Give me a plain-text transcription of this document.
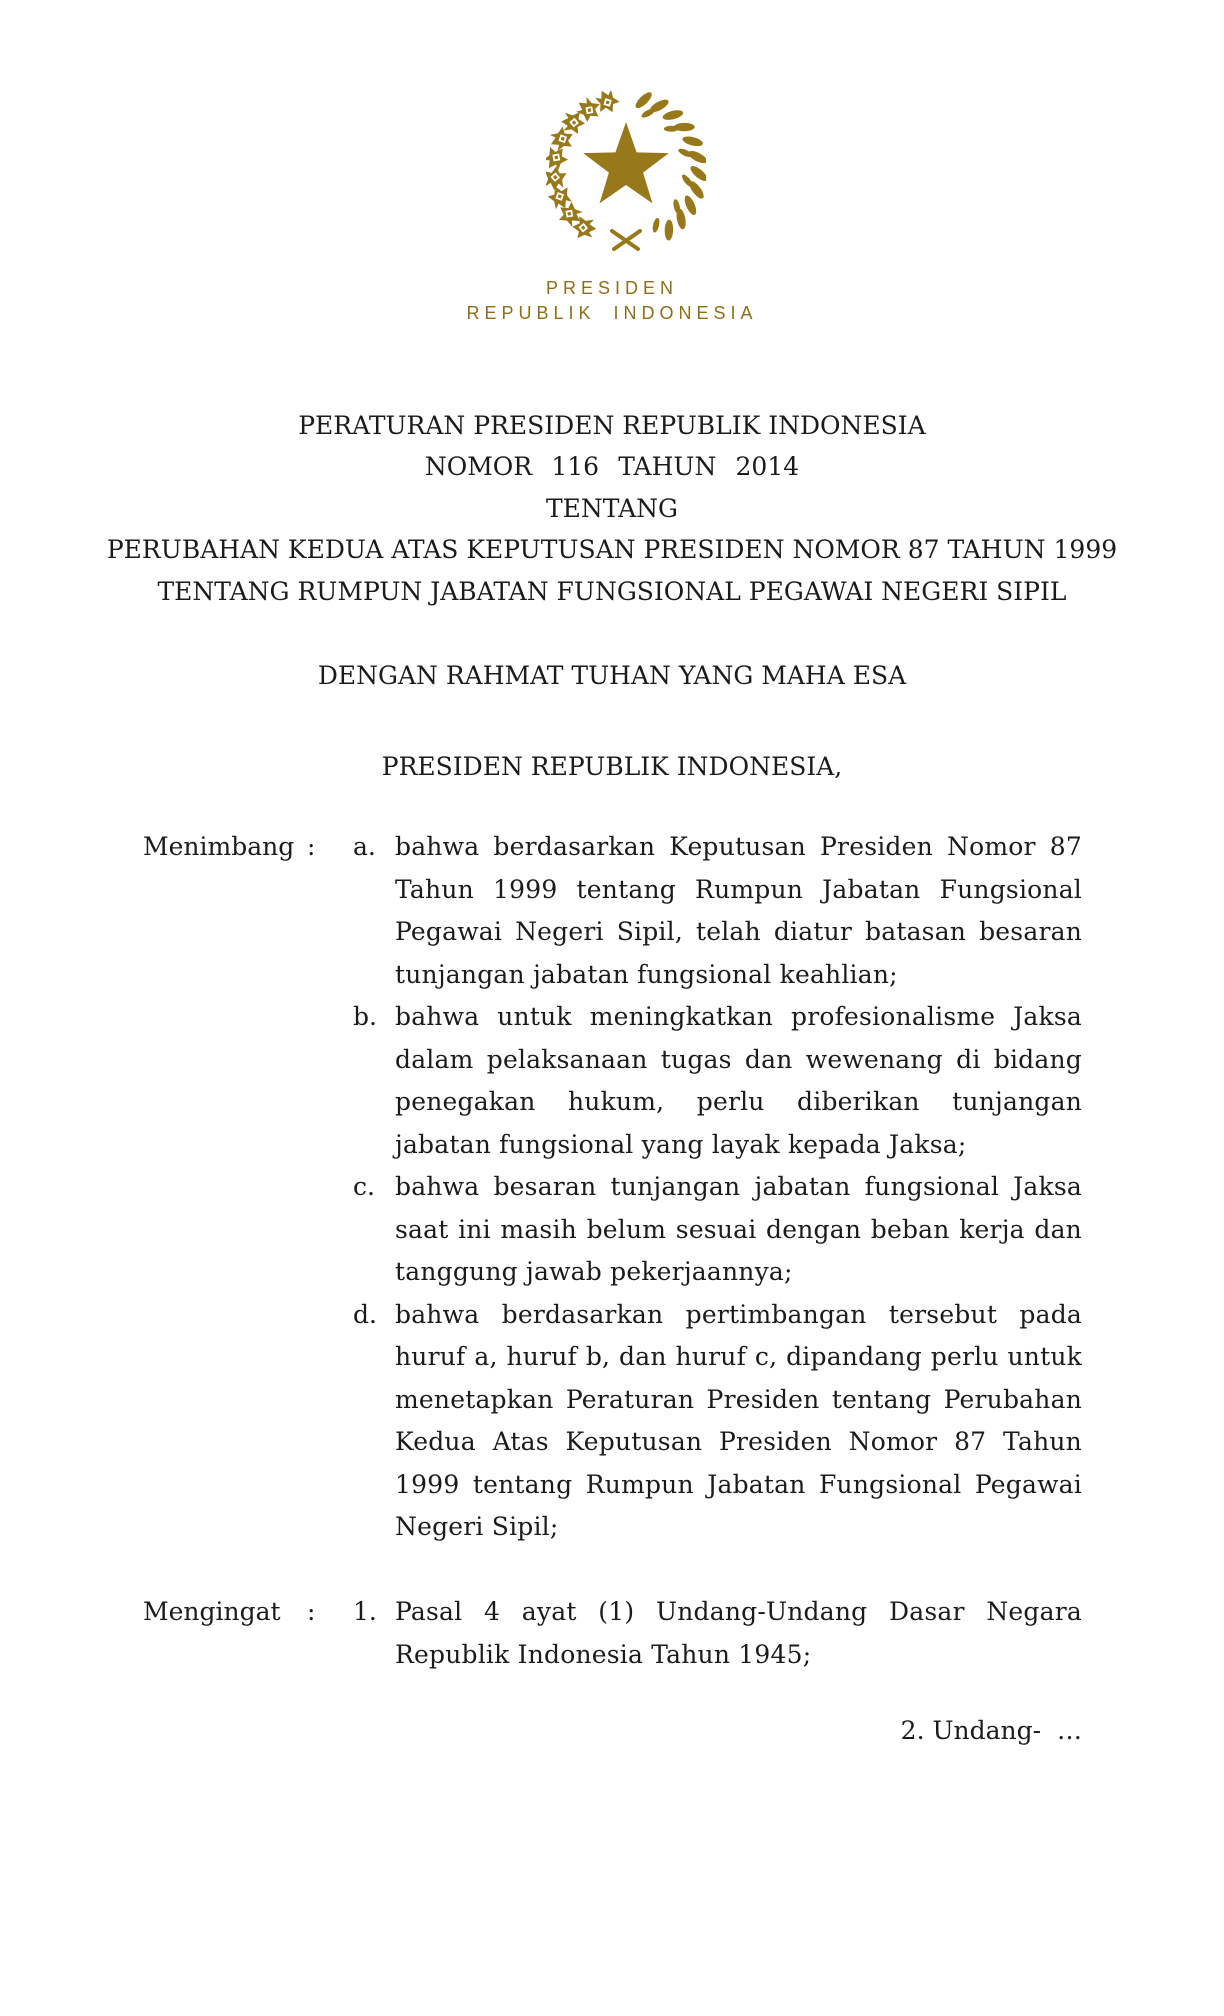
PRESIDEN
REPUBLIK INDONESIA
PERATURAN PRESIDEN REPUBLIK INDONESIA
NOMOR 116 TAHUN 2014
TENTANG
PERUBAHAN KEDUA ATAS KEPUTUSAN PRESIDEN NOMOR 87 TAHUN 1999
TENTANG RUMPUN JABATAN FUNGSIONAL PEGAWAI NEGERI SIPIL
DENGAN RAHMAT TUHAN YANG MAHA ESA
PRESIDEN REPUBLIK INDONESIA,
Menimbang :	a. bahwa berdasarkan Keputusan Presiden Nomor 87 Tahun 1999 tentang Rumpun Jabatan Fungsional Pegawai Negeri Sipil, telah diatur batasan besaran tunjangan jabatan fungsional keahlian;
b. bahwa untuk meningkatkan profesionalisme Jaksa dalam pelaksanaan tugas dan wewenang di bidang penegakan hukum, perlu diberikan tunjangan jabatan fungsional yang layak kepada Jaksa;
c. bahwa besaran tunjangan jabatan fungsional Jaksa saat ini masih belum sesuai dengan beban kerja dan tanggung jawab pekerjaannya;
d. bahwa berdasarkan pertimbangan tersebut pada huruf a, huruf b, dan huruf c, dipandang perlu untuk menetapkan Peraturan Presiden tentang Perubahan Kedua Atas Keputusan Presiden Nomor 87 Tahun 1999 tentang Rumpun Jabatan Fungsional Pegawai Negeri Sipil;
Mengingat	:	1. Pasal 4 ayat (1) Undang-Undang Dasar Negara Republik Indonesia Tahun 1945;
2. Undang-  …
